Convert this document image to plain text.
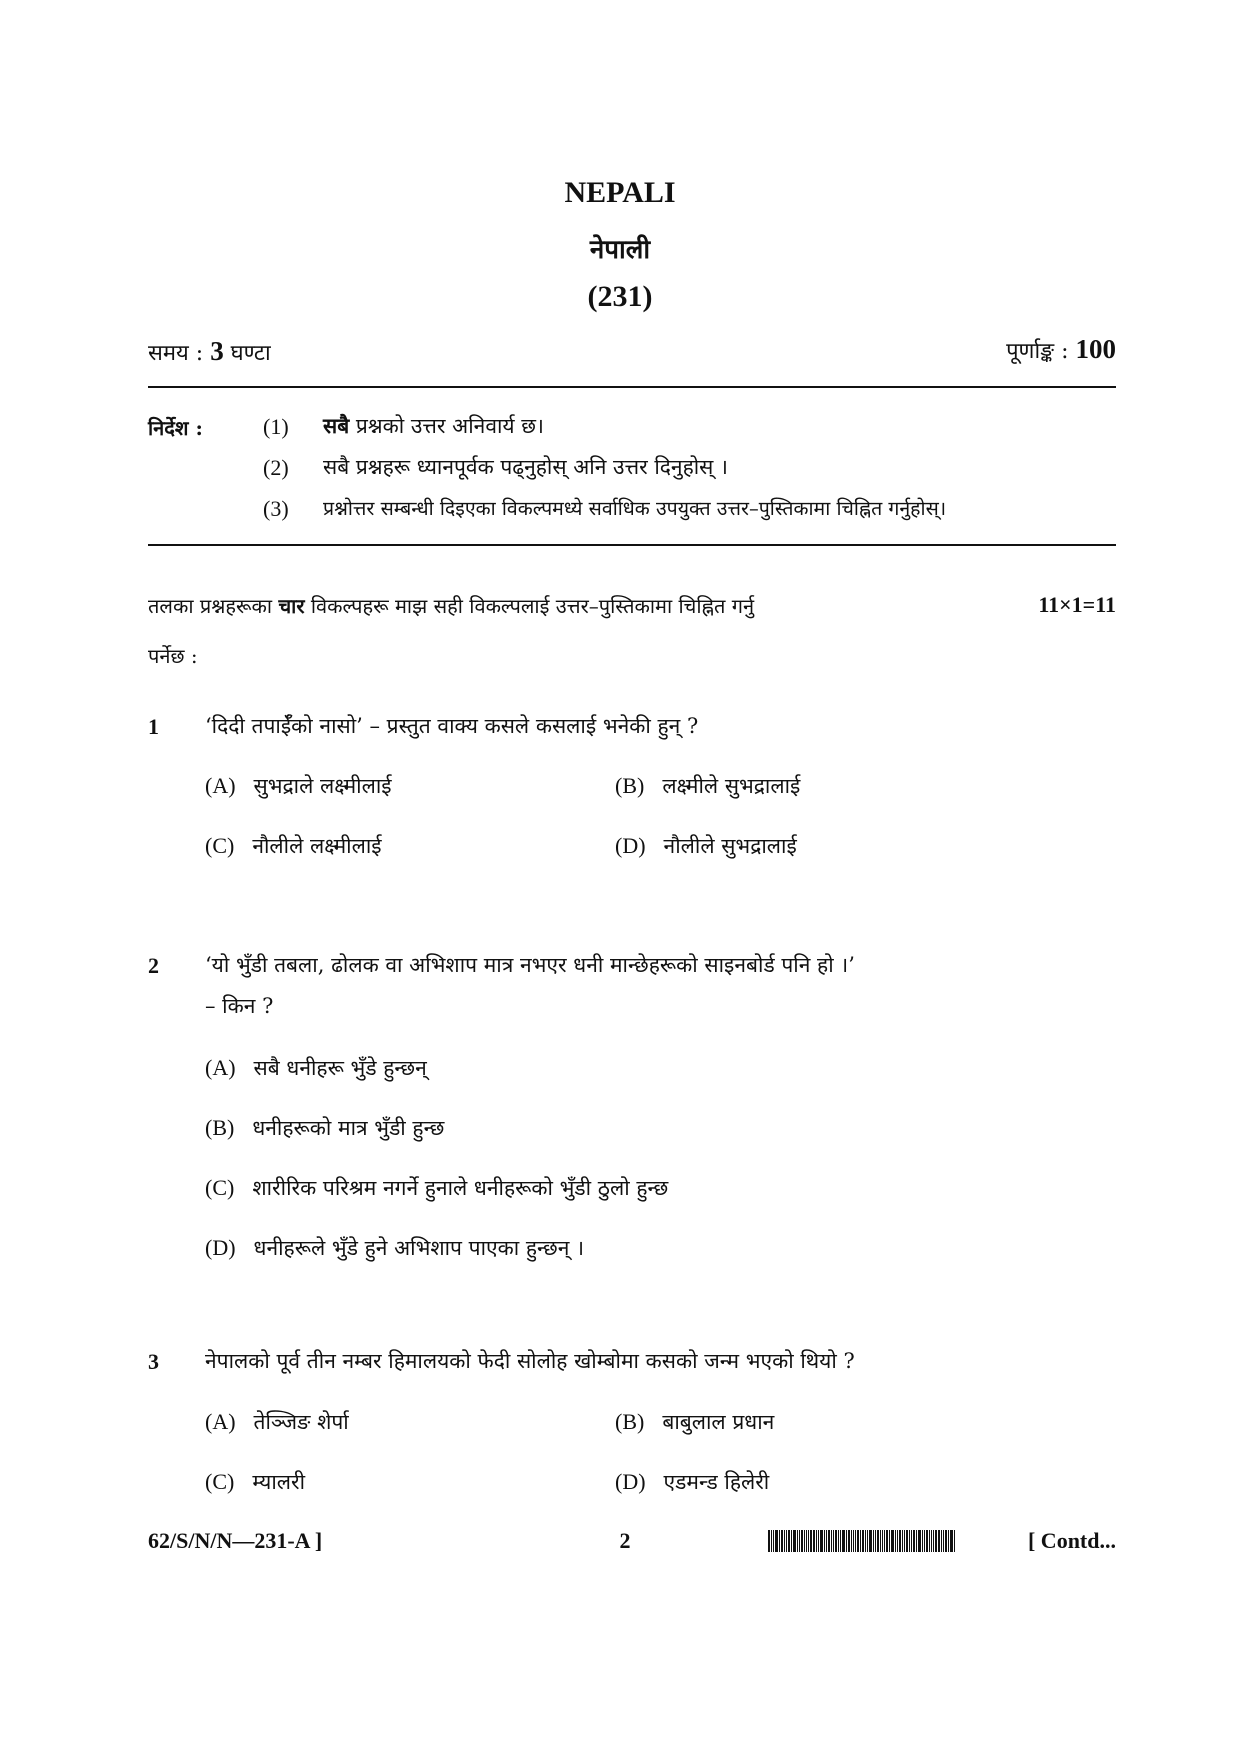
NEPALI
नेपाली
(231)
समय : 3 घण्टा	पूर्णाङ्क : 100
निर्देश :	(1) सबै प्रश्नको उत्तर अनिवार्य छ।
(2) सबै प्रश्नहरू ध्यानपूर्वक पढ्नुहोस् अनि उत्तर दिनुहोस् ।
(3) प्रश्नोत्तर सम्बन्धी दिइएका विकल्पमध्ये सर्वाधिक उपयुक्त उत्तर–पुस्तिकामा चिह्नित गर्नुहोस्।
तलका प्रश्नहरूका चार विकल्पहरू माझ सही विकल्पलाई उत्तर–पुस्तिकामा चिह्नित गर्नु	11×1=11
पर्नेछ :
1 ‘दिदी तपाईँको नासो’ – प्रस्तुत वाक्य कसले कसलाई भनेकी हुन् ?
(A) सुभद्राले लक्ष्मीलाई	(B) लक्ष्मीले सुभद्रालाई
(C) नौलीले लक्ष्मीलाई	(D) नौलीले सुभद्रालाई
2 ‘यो भुँडी तबला, ढोलक वा अभिशाप मात्र नभएर धनी मान्छेहरूको साइनबोर्ड पनि हो ।’
– किन ?
(A) सबै धनीहरू भुँडे हुन्छन्
(B) धनीहरूको मात्र भुँडी हुन्छ
(C) शारीरिक परिश्रम नगर्ने हुनाले धनीहरूको भुँडी ठुलो हुन्छ
(D) धनीहरूले भुँडे हुने अभिशाप पाएका हुन्छन् ।
3 नेपालको पूर्व तीन नम्बर हिमालयको फेदी सोलोह खोम्बोमा कसको जन्म भएको थियो ?
(A) तेञ्जिङ शेर्पा	(B) बाबुलाल प्रधान
(C) म्यालरी	(D) एडमन्ड हिलेरी
62/S/N/N—231-A ]	2	[ Contd...
